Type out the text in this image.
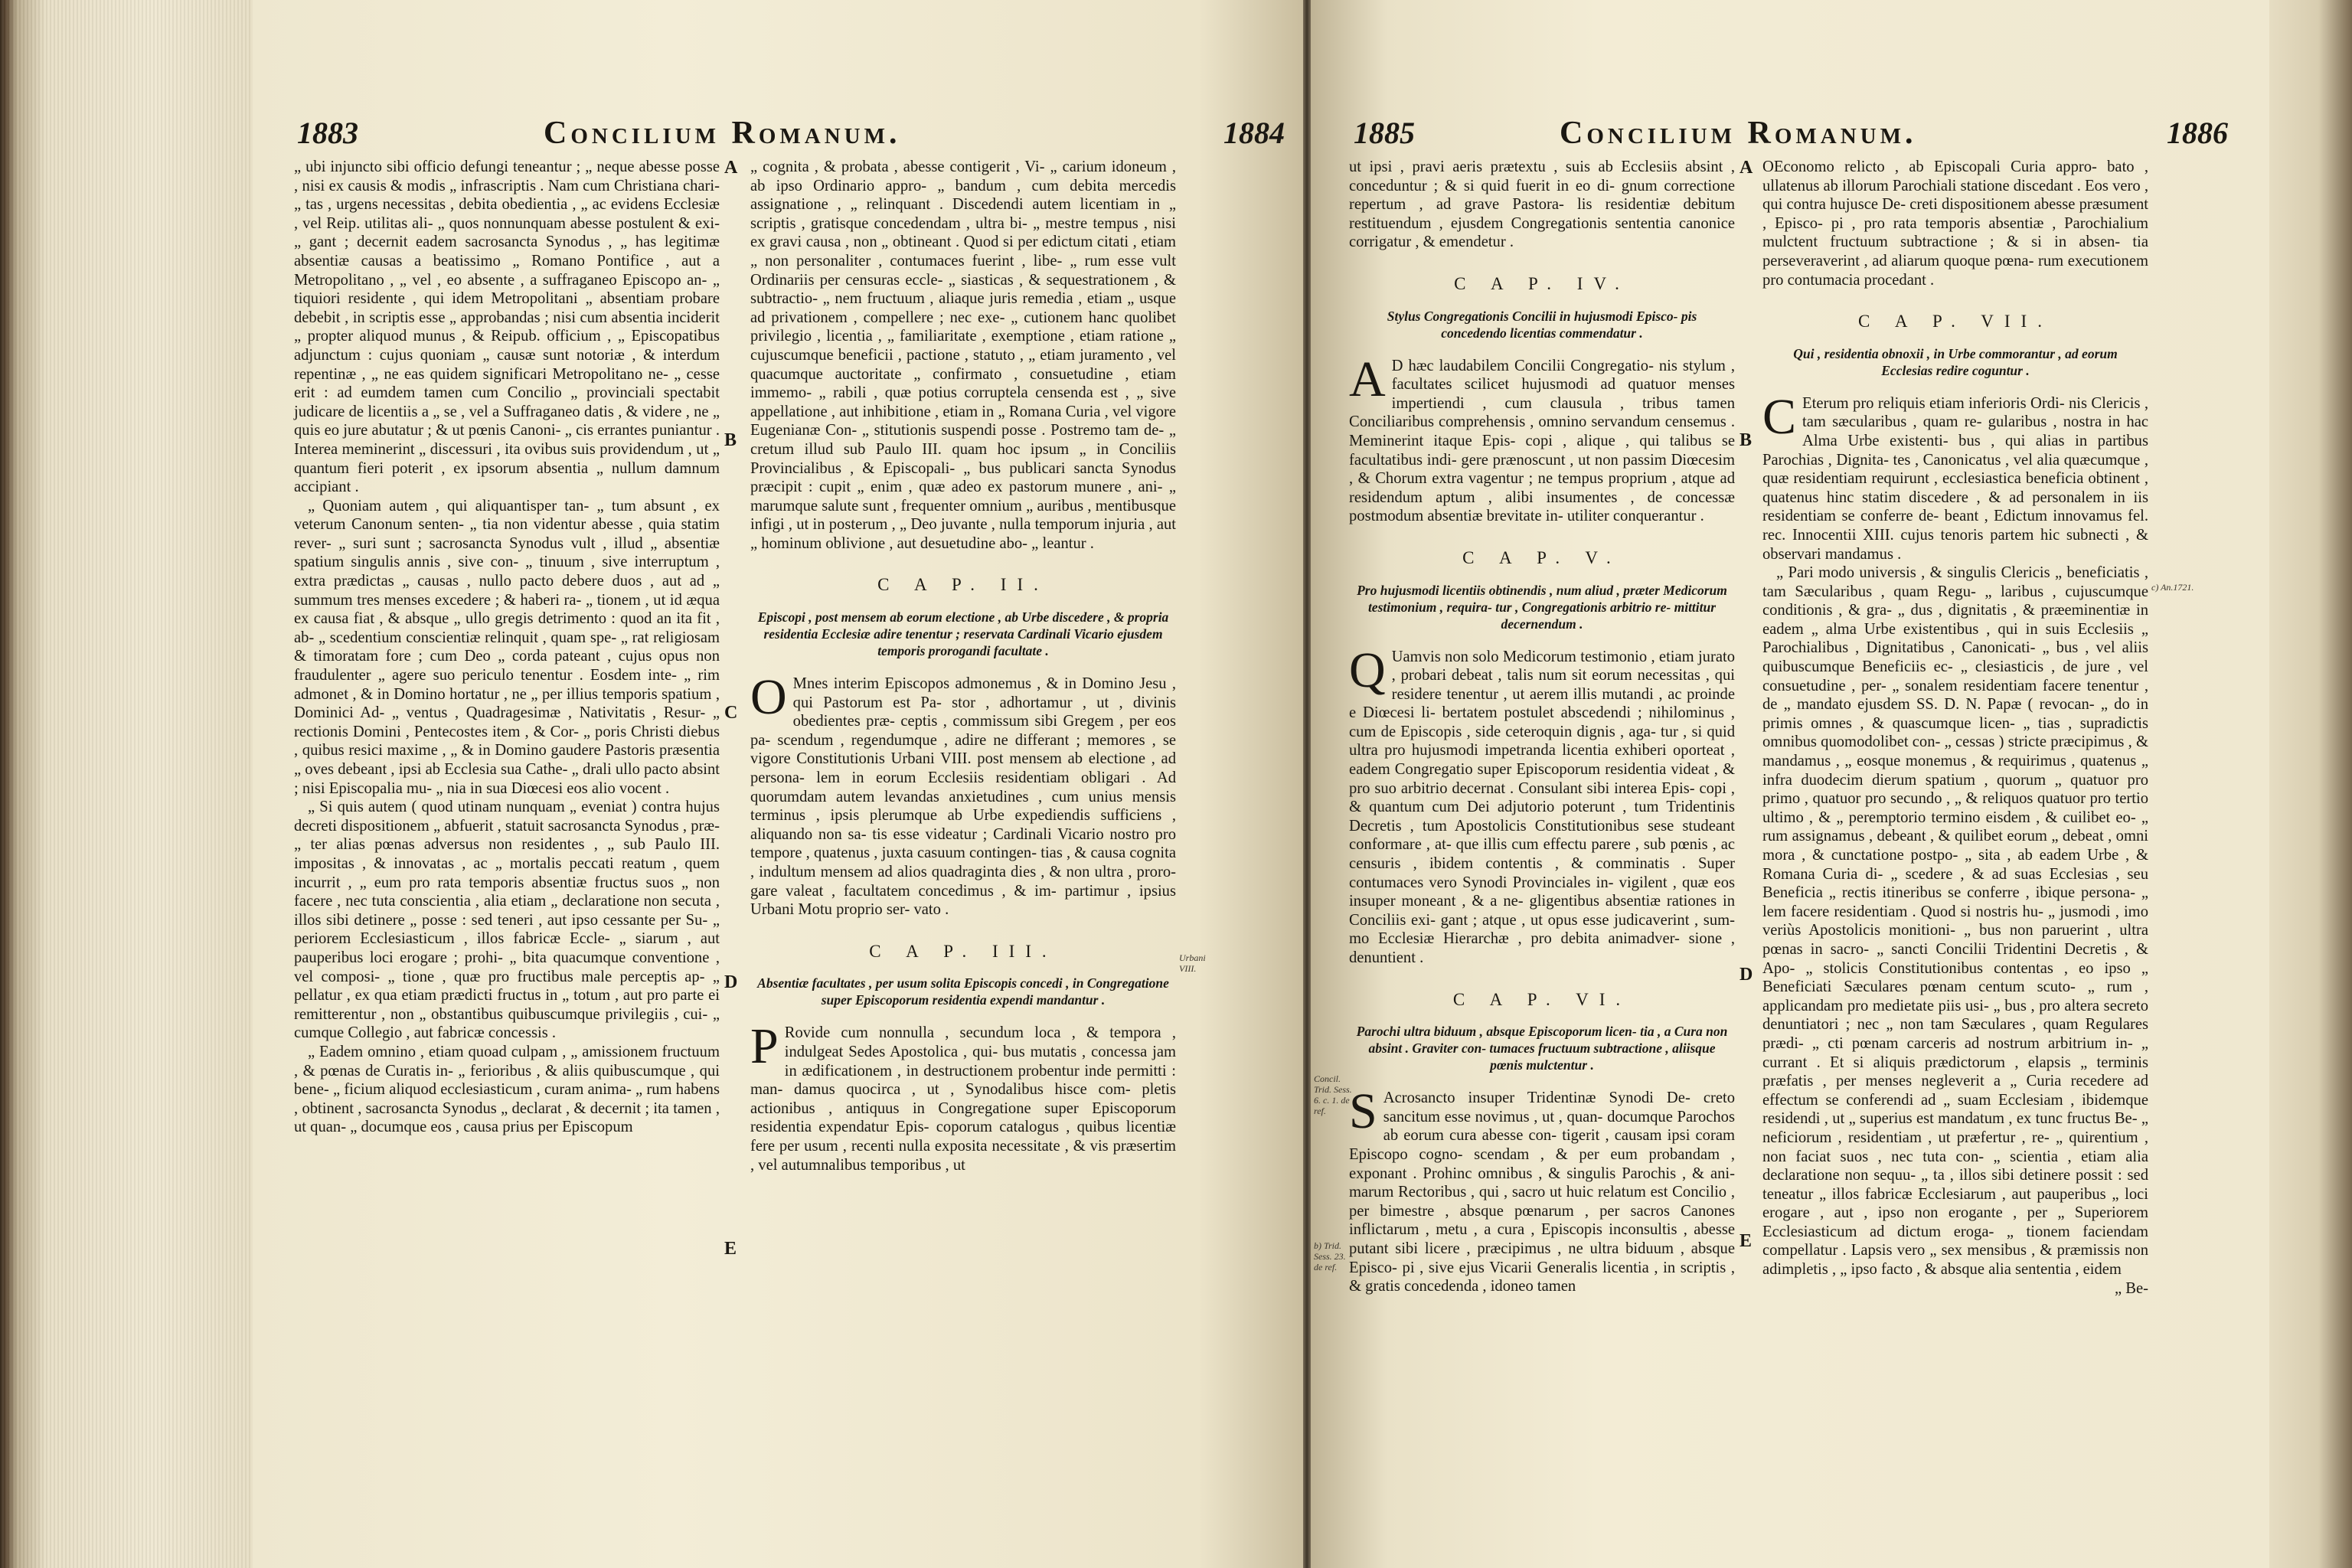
1883	Concilium Romanum.	1884

„ ubi injuncto sibi officio defungi teneantur ; „ neque abesse posse , nisi ex causis & modis „ infrascriptis . Nam cum Christiana chari- „ tas , urgens necessitas , debita obedientia , „ ac evidens Ecclesiæ , vel Reip. utilitas ali- „ quos nonnunquam abesse postulent & exi- „ gant ; decernit eadem sacrosancta Synodus , „ has legitimæ absentiæ causas a beatissimo „ Romano Pontifice , aut a Metropolitano , „ vel , eo absente , a suffraganeo Episcopo an- „ tiquiori residente , qui idem Metropolitani „ absentiam probare debebit , in scriptis esse „ approbandas ; nisi cum absentia inciderit „ propter aliquod munus , & Reipub. officium , „ Episcopatibus adjunctum : cujus quoniam „ causæ sunt notoriæ , & interdum repentinæ , „ ne eas quidem significari Metropolitano ne- „ cesse erit : ad eumdem tamen cum Concilio „ provinciali spectabit judicare de licentiis a „ se , vel a Suffraganeo datis , & videre , ne „ quis eo jure abutatur ; & ut pœnis Canoni- „ cis errantes puniantur . Interea meminerint „ discessuri , ita ovibus suis providendum , ut „ quantum fieri poterit , ex ipsorum absentia „ nullum damnum accipiant .

„ Quoniam autem , qui aliquantisper tan- „ tum absunt , ex veterum Canonum senten- „ tia non videntur abesse , quia statim rever- „ suri sunt ; sacrosancta Synodus vult , illud „ absentiæ spatium singulis annis , sive con- „ tinuum , sive interruptum , extra prædictas „ causas , nullo pacto debere duos , aut ad „ summum tres menses excedere ; & haberi ra- „ tionem , ut id æqua ex causa fiat , & absque „ ullo gregis detrimento : quod an ita fit , ab- „ scedentium conscientiæ relinquit , quam spe- „ rat religiosam & timoratam fore ; cum Deo „ corda pateant , cujus opus non fraudulenter „ agere suo periculo tenentur . Eosdem inte- „ rim admonet , & in Domino hortatur , ne „ per illius temporis spatium , Dominici Ad- „ ventus , Quadragesimæ , Nativitatis , Resur- „ rectionis Domini , Pentecostes item , & Cor- „ poris Christi diebus , quibus resici maxime , „ & in Domino gaudere Pastoris præsentia „ oves debeant , ipsi ab Ecclesia sua Cathe- „ drali ullo pacto absint ; nisi Episcopalia mu- „ nia in sua Diœcesi eos alio vocent .

„ Si quis autem ( quod utinam nunquam „ eveniat ) contra hujus decreti dispositionem „ abfuerit , statuit sacrosancta Synodus , præ- „ ter alias pœnas adversus non residentes , „ sub Paulo III. impositas , & innovatas , ac „ mortalis peccati reatum , quem incurrit , „ eum pro rata temporis absentiæ fructus suos „ non facere , nec tuta conscientia , alia etiam „ declaratione non secuta , illos sibi detinere „ posse : sed teneri , aut ipso cessante per Su- „ periorem Ecclesiasticum , illos fabricæ Eccle- „ siarum , aut pauperibus loci erogare ; prohi- „ bita quacumque conventione , vel composi- „ tione , quæ pro fructibus male perceptis ap- „ pellatur , ex qua etiam prædicti fructus in „ totum , aut pro parte ei remitterentur , non „ obstantibus quibuscumque privilegiis , cui- „ cumque Collegio , aut fabricæ concessis .

„ Eadem omnino , etiam quoad culpam , „ amissionem fructuum , & pœnas de Curatis in- „ ferioribus , & aliis quibuscumque , qui bene- „ ficium aliquod ecclesiasticum , curam anima- „ rum habens , obtinent , sacrosancta Synodus „ declarat , & decernit ; ita tamen , ut quan- „ documque eos , causa prius per Episcopum

A
B
C
D
E

„ cognita , & probata , abesse contigerit , Vi- „ carium idoneum , ab ipso Ordinario appro- „ bandum , cum debita mercedis assignatione , „ relinquant . Discedendi autem licentiam in „ scriptis , gratisque concedendam , ultra bi- „ mestre tempus , nisi ex gravi causa , non „ obtineant . Quod si per edictum citati , etiam „ non personaliter , contumaces fuerint , libe- „ rum esse vult Ordinariis per censuras eccle- „ siasticas , & sequestrationem , & subtractio- „ nem fructuum , aliaque juris remedia , etiam „ usque ad privationem , compellere ; nec exe- „ cutionem hanc quolibet privilegio , licentia , „ familiaritate , exemptione , etiam ratione „ cujuscumque beneficii , pactione , statuto , „ etiam juramento , vel quacumque auctoritate „ confirmato , consuetudine , etiam immemo- „ rabili , quæ potius corruptela censenda est , „ sive appellatione , aut inhibitione , etiam in „ Romana Curia , vel vigore Eugenianæ Con- „ stitutionis suspendi posse . Postremo tam de- „ cretum illud sub Paulo III. quam hoc ipsum „ in Conciliis Provincialibus , & Episcopali- „ bus publicari sancta Synodus præcipit : cupit „ enim , quæ adeo ex pastorum munere , ani- „ marumque salute sunt , frequenter omnium „ auribus , mentibusque infigi , ut in posterum , „ Deo juvante , nulla temporum injuria , aut „ hominum oblivione , aut desuetudine abo- „ leantur .

C A P. II.
Episcopi , post mensem ab eorum electione , ab Urbe discedere , & propria residentia Ecclesiæ adire tenentur ; reservata Cardinali Vicario ejusdem temporis prorogandi facultate .

O Mnes interim Episcopos admonemus , & in Domino Jesu , qui Pastorum est Pa- stor , adhortamur , ut , divinis obedientes præ- ceptis , commissum sibi Gregem , per eos pa- scendum , regendumque , adire ne differant ; memores , se vigore Constitutionis Urbani VIII. post mensem ab electione , ad persona- lem in eorum Ecclesiis residentiam obligari . Ad quorumdam autem levandas anxietudines , cum unius mensis terminus , ipsis plerumque ab Urbe expediendis sufficiens , aliquando non sa- tis esse videatur ; Cardinali Vicario nostro pro tempore , quatenus , juxta casuum contingen- tias , & causa cognita , indultum mensem ad alios quadraginta dies , & non ultra , proro- gare valeat , facultatem concedimus , & im- partimur , ipsius Urbani Motu proprio ser- vato .

C A P. III.
Absentiæ facultates , per usum solita Episcopis concedi , in Congregatione super Episcoporum residentia expendi mandantur .

P Rovide cum nonnulla , secundum loca , & tempora , indulgeat Sedes Apostolica , qui- bus mutatis , concessa jam in ædificationem , in destructionem probentur inde permitti : man- damus quocirca , ut , Synodalibus hisce com- pletis actionibus , antiquus in Congregatione super Episcoporum residentia expendatur Epis- coporum catalogus , quibus licentiæ fere per usum , recenti nulla exposita necessitate , & vis præsertim , vel autumnalibus temporibus , ut

Urbani VIII.
1885	Concilium Romanum.	1886
Concil. Trid. Sess. 6. c. 1. de ref.
b) Trid. Sess. 23. de ref.

ut ipsi , pravi aeris prætextu , suis ab Ecclesiis absint , conceduntur ; & si quid fuerit in eo di- gnum correctione repertum , ad grave Pastora- lis residentiæ debitum restituendum , ejusdem Congregationis sententia canonice corrigatur , & emendetur .

C A P. IV.
Stylus Congregationis Concilii in hujusmodi Episco- pis concedendo licentias commendatur .

A D hæc laudabilem Concilii Congregatio- nis stylum , facultates scilicet hujusmodi ad quatuor menses impertiendi , cum clausula , tribus tamen Conciliaribus comprehensis , omnino servandum censemus . Meminerint itaque Epis- copi , alique , qui talibus se facultatibus indi- gere prænoscunt , ut non passim Diœcesim , & Chorum extra vagentur ; ne tempus proprium , atque ad residendum aptum , alibi insumentes , de concessæ postmodum absentiæ brevitate in- utiliter conquerantur .

C A P. V.
Pro hujusmodi licentiis obtinendis , num aliud , præter Medicorum testimonium , requira- tur , Congregationis arbitrio re- mittitur decernendum .

Q Uamvis non solo Medicorum testimonio , etiam jurato , probari debeat , talis num sit eorum necessitas , qui residere tenentur , ut aerem illis mutandi , ac proinde e Diœcesi li- bertatem postulet abscedendi ; nihilominus , cum de Episcopis , side ceteroquin dignis , aga- tur , si quid ultra pro hujusmodi impetranda licentia exhiberi oporteat , eadem Congregatio super Episcoporum residentia videat , & pro suo arbitrio decernat . Consulant sibi interea Epis- copi , & quantum cum Dei adjutorio poterunt , tum Tridentinis Decretis , tum Apostolicis Constitutionibus sese studeant conformare , at- que illis cum effectu parere , sub pœnis , ac censuris , ibidem contentis , & comminatis . Super contumaces vero Synodi Provinciales in- vigilent , quæ eos insuper moneant , & a ne- gligentibus absentiæ rationes in Conciliis exi- gant ; atque , ut opus esse judicaverint , sum- mo Ecclesiæ Hierarchæ , pro debita animadver- sione , denuntient .

C A P. VI.
Parochi ultra biduum , absque Episcoporum licen- tia , a Cura non absint . Graviter con- tumaces fructuum subtractione , aliisque pœnis mulctentur .

S Acrosancto insuper Tridentinæ Synodi De- creto sancitum esse novimus , ut , quan- documque Parochos ab eorum cura abesse con- tigerit , causam ipsi coram Episcopo cogno- scendam , & per eum probandam , exponant . Prohinc omnibus , & singulis Parochis , & ani- marum Rectoribus , qui , sacro ut huic relatum est Concilio , per bimestre , absque pœnarum , per sacros Canones inflictarum , metu , a cura , Episcopis inconsultis , abesse putant sibi licere , præcipimus , ne ultra biduum , absque Episco- pi , sive ejus Vicarii Generalis licentia , in scriptis , & gratis concedenda , idoneo tamen

A
B
D
E

OEconomo relicto , ab Episcopali Curia appro- bato , ullatenus ab illorum Parochiali statione discedant . Eos vero , qui contra hujusce De- creti dispositionem abesse præsument , Episco- pi , pro rata temporis absentiæ , Parochialium mulctent fructuum subtractione ; & si in absen- tia perseveraverint , ad aliarum quoque pœna- rum executionem pro contumacia procedant .

C A P. VII.
Qui , residentia obnoxii , in Urbe commorantur , ad eorum Ecclesias redire coguntur .

C Eterum pro reliquis etiam inferioris Ordi- nis Clericis , tam sæcularibus , quam re- gularibus , nostra in hac Alma Urbe existenti- bus , qui alias in partibus Parochias , Dignita- tes , Canonicatus , vel alia quæcumque , quæ residentiam requirunt , ecclesiastica beneficia obtinent , quatenus hinc statim discedere , & ad personalem in iis residentiam se conferre de- beant , Edictum innovamus fel. rec. Innocentii XIII. cujus tenoris partem hic subnecti , & observari mandamus .

„ Pari modo universis , & singulis Clericis „ beneficiatis , tam Sæcularibus , quam Regu- „ laribus , cujuscumque conditionis , & gra- „ dus , dignitatis , & præeminentiæ in eadem „ alma Urbe existentibus , qui in suis Ecclesiis „ Parochialibus , Dignitatibus , Canonicati- „ bus , vel aliis quibuscumque Beneficiis ec- „ clesiasticis , de jure , vel consuetudine , per- „ sonalem residentiam facere tenentur , de „ mandato ejusdem SS. D. N. Papæ ( revocan- „ do in primis omnes , & quascumque licen- „ tias , supradictis omnibus quomodolibet con- „ cessas ) stricte præcipimus , & mandamus , „ eosque monemus , & requirimus , quatenus „ infra duodecim dierum spatium , quorum „ quatuor pro primo , quatuor pro secundo , „ & reliquos quatuor pro tertio ultimo , & „ peremptorio termino eisdem , & cuilibet eo- „ rum assignamus , debeant , & quilibet eorum „ debeat , omni mora , & cunctatione postpo- „ sita , ab eadem Urbe , & Romana Curia di- „ scedere , & ad suas Ecclesias , seu Beneficia „ rectis itineribus se conferre , ibique persona- „ lem facere residentiam . Quod si nostris hu- „ jusmodi , imo veriùs Apostolicis monitioni- „ bus non paruerint , ultra pœnas in sacro- „ sancti Concilii Tridentini Decretis , & Apo- „ stolicis Constitutionibus contentas , eo ipso „ Beneficiati Sæculares pœnam centum scuto- „ rum , applicandam pro medietate piis usi- „ bus , pro altera secreto denuntiatori ; nec „ non tam Sæculares , quam Regulares prædi- „ cti pœnam carceris ad nostrum arbitrium in- „ currant . Et si aliquis prædictorum , elapsis „ terminis præfatis , per menses negleverit a „ Curia recedere ad effectum se conferendi ad „ suam Ecclesiam , ibidemque residendi , ut „ superius est mandatum , ex tunc fructus Be- „ neficiorum , residentiam , ut præfertur , re- „ quirentium , non faciat suos , nec tuta con- „ scientia , etiam alia declaratione non sequu- „ ta , illos sibi detinere possit : sed teneatur „ illos fabricæ Ecclesiarum , aut pauperibus „ loci erogare , aut , ipso non erogante , per „ Superiorem Ecclesiasticum ad dictum eroga- „ tionem faciendam compellatur . Lapsis vero „ sex mensibus , & præmissis non adimpletis , „ ipso facto , & absque alia sententia , eidem

„ Be-

c) An.1721.
